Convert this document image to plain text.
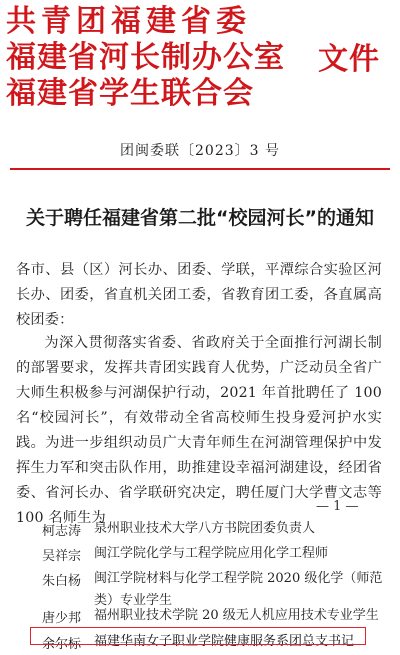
共青团福建省委
福建省河长制办公室
福建省学生联合会
文件
团闽委联〔2023〕3 号
关于聘任福建省第二批“校园河长”的通知
各市、县（区）河长办、团委、学联，平潭综合实验区河长办、团委，省直机关团工委，省教育团工委，各直属高校团委：
为深入贯彻落实省委、省政府关于全面推行河湖长制的部署要求，发挥共青团实践育人优势，广泛动员全省广大师生积极参与河湖保护行动，2021 年首批聘任了 100 名“校园河长”，有效带动全省高校师生投身爱河护水实践。为进一步组织动员广大青年师生在河湖管理保护中发挥生力军和突击队作用，助推建设幸福河湖建设，经团省委、省河长办、省学联研究决定，聘任厦门大学曹文志等 100 名师生为
— 1 —
柯志涛 泉州职业技术大学八方书院团委负责人
吴祥宗 闽江学院化学与工程学院应用化学工程师
朱白杨 闽江学院材料与化学工程学院 2020 级化学（师范类）专业学生
唐少邦 福州职业技术学院 20 级无人机应用技术专业学生
余尔标 福建华南女子职业学院健康服务系团总支书记
